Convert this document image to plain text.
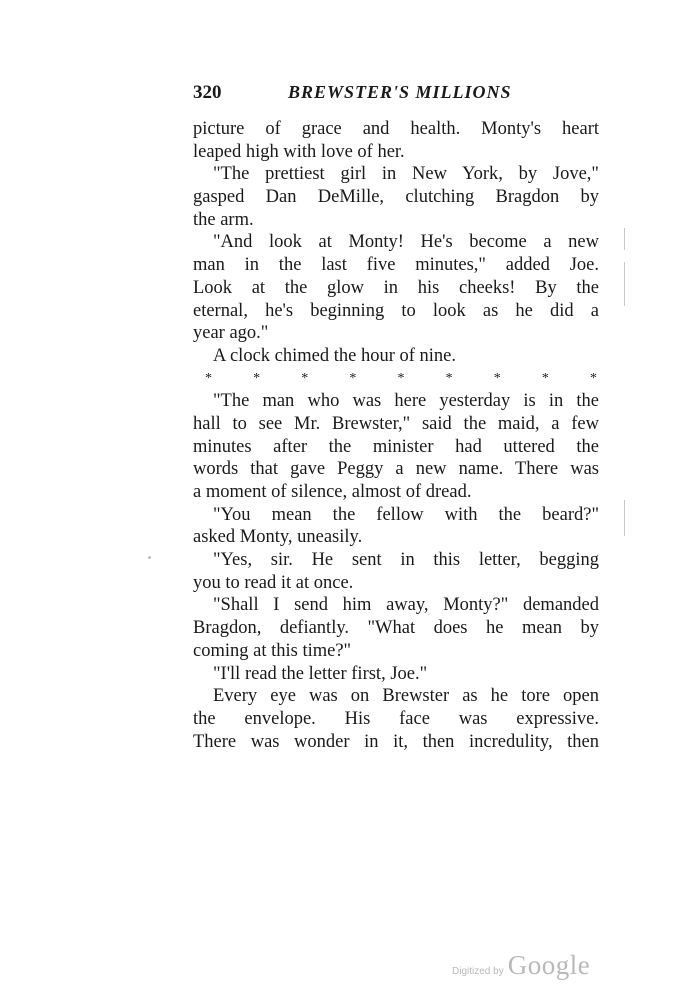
320	BREWSTER'S MILLIONS
picture of grace and health. Monty's heart
leaped high with love of her.
"The prettiest girl in New York, by Jove,"
gasped Dan DeMille, clutching Bragdon by
the arm.
"And look at Monty! He's become a new
man in the last five minutes," added Joe.
Look at the glow in his cheeks! By the
eternal, he's beginning to look as he did a
year ago."
A clock chimed the hour of nine.
*	*	*	*	*	*	*	*	*
"The man who was here yesterday is in the
hall to see Mr. Brewster," said the maid, a few
minutes after the minister had uttered the
words that gave Peggy a new name. There was
a moment of silence, almost of dread.
"You mean the fellow with the beard?"
asked Monty, uneasily.
"Yes, sir. He sent in this letter, begging
you to read it at once.
"Shall I send him away, Monty?" demanded
Bragdon, defiantly. "What does he mean by
coming at this time?"
"I'll read the letter first, Joe."
Every eye was on Brewster as he tore open
the envelope. His face was expressive.
There was wonder in it, then incredulity, then
Digitized by Google
